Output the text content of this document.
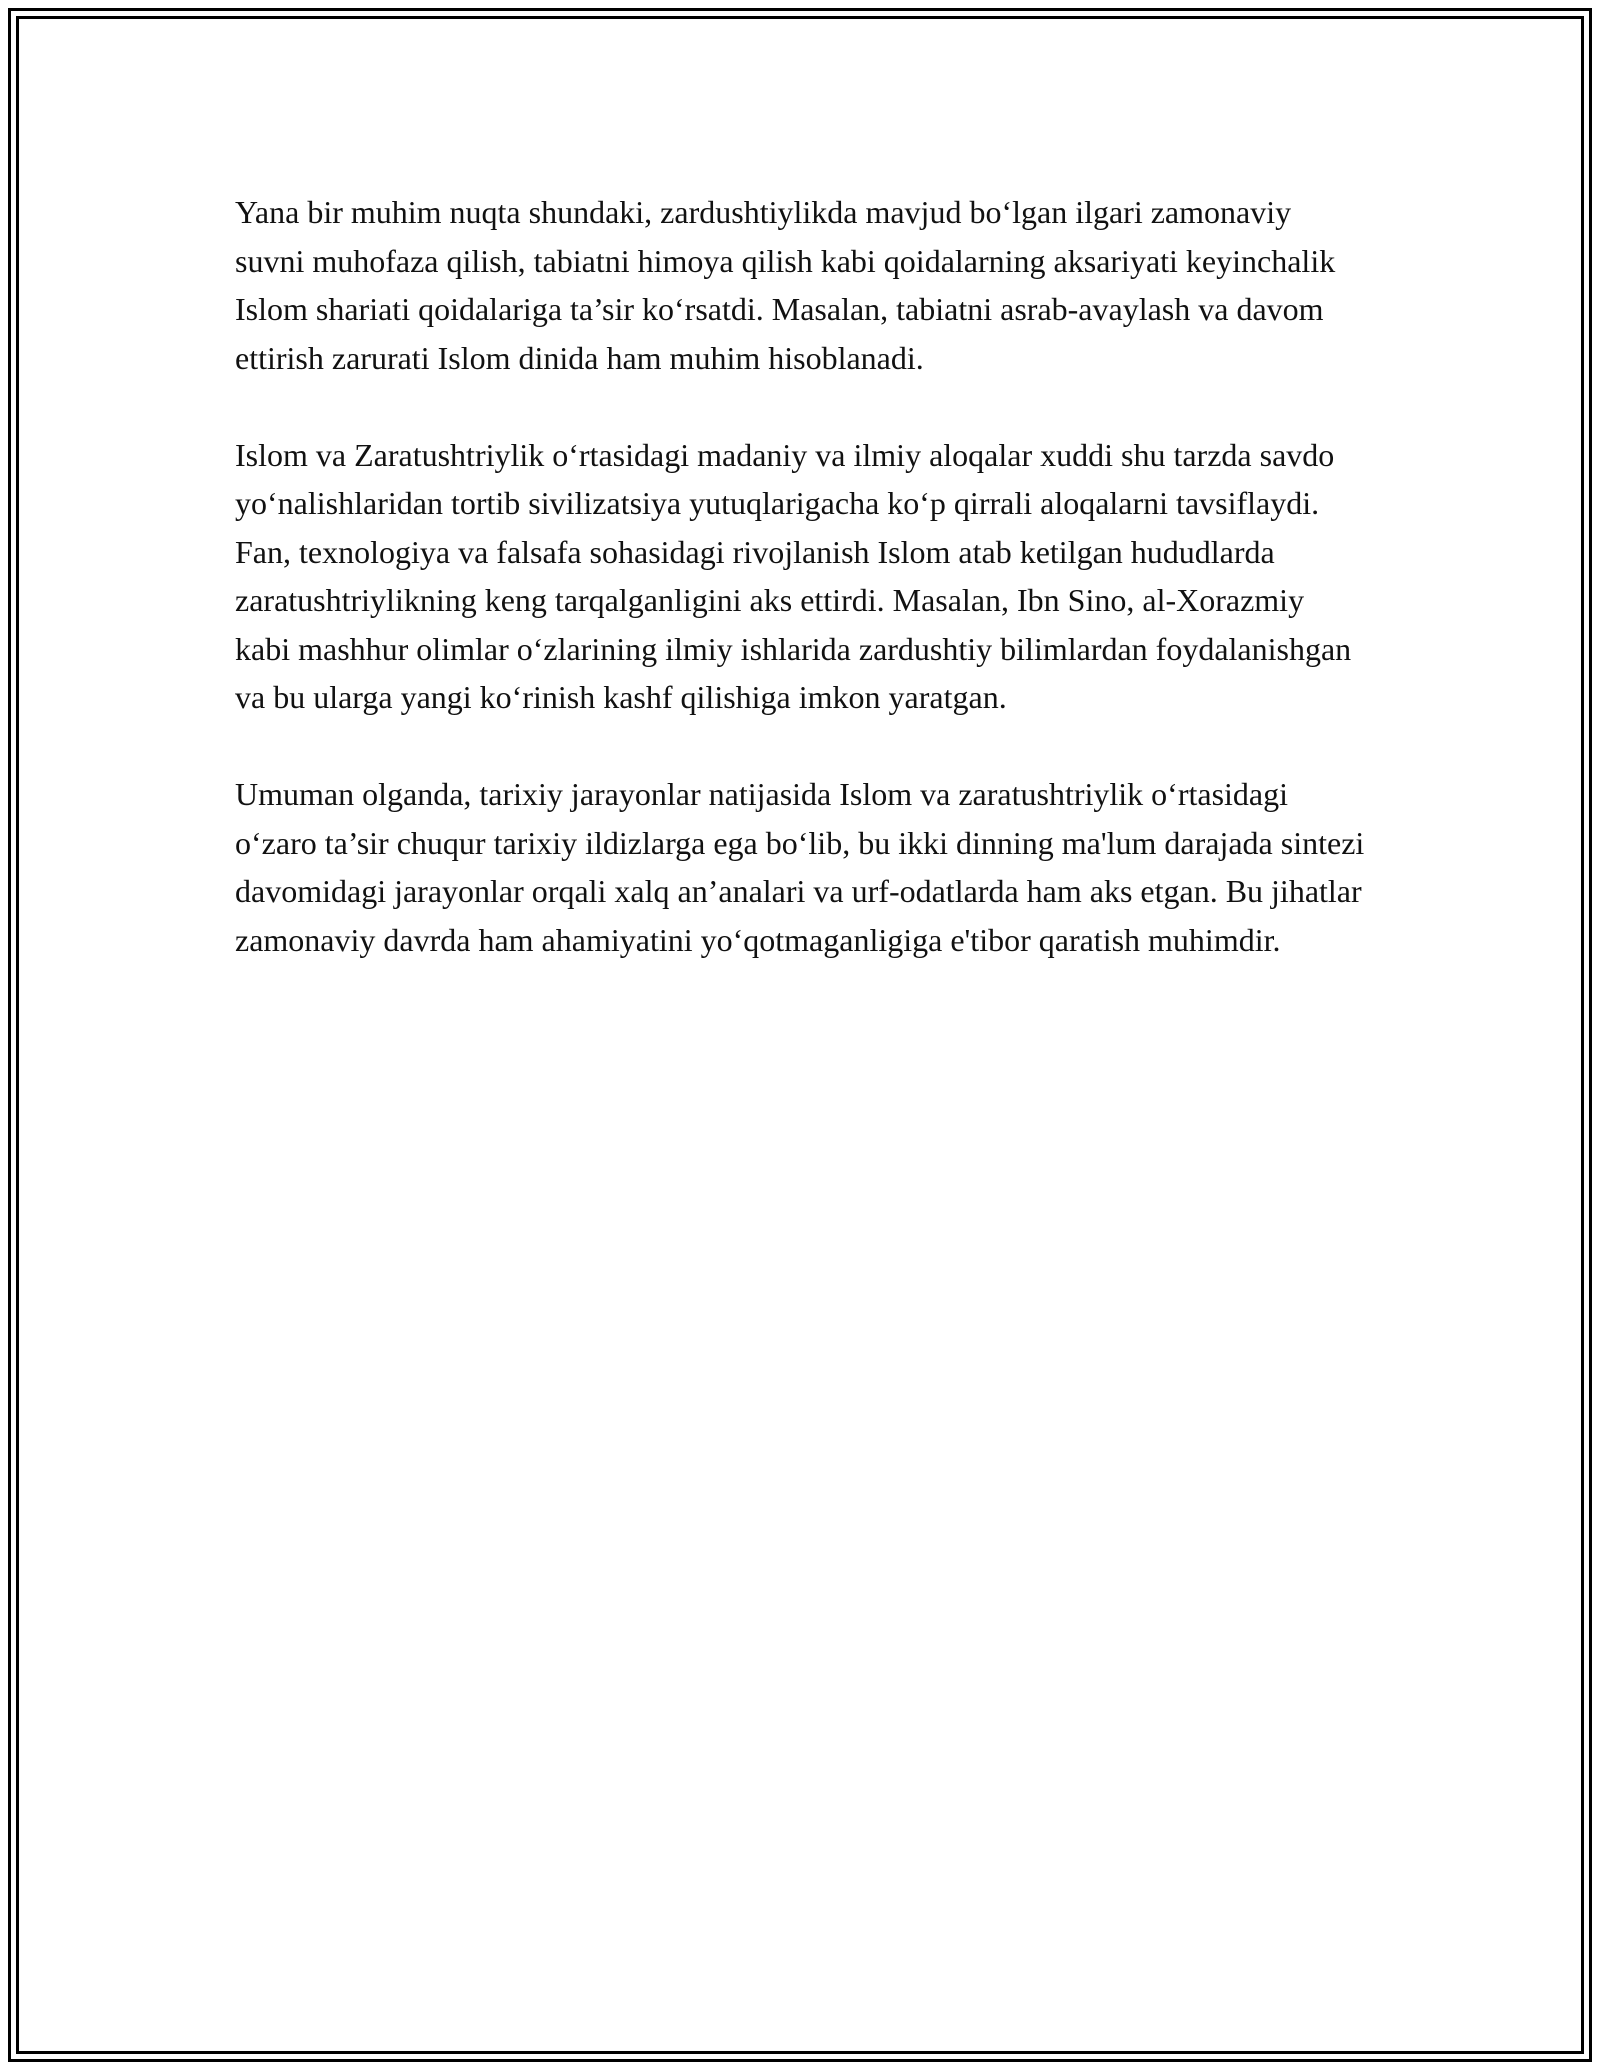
Yana bir muhim nuqta shundaki, zardushtiylikda mavjud bo‘lgan ilgari zamonaviy suvni muhofaza qilish, tabiatni himoya qilish kabi qoidalarning aksariyati keyinchalik Islom shariati qoidalariga ta’sir ko‘rsatdi. Masalan, tabiatni asrab-avaylash va davom ettirish zarurati Islom dinida ham muhim hisoblanadi.

Islom va Zaratushtriylik o‘rtasidagi madaniy va ilmiy aloqalar xuddi shu tarzda savdo yo‘nalishlaridan tortib sivilizatsiya yutuqlarigacha ko‘p qirrali aloqalarni tavsiflaydi. Fan, texnologiya va falsafa sohasidagi rivojlanish Islom atab ketilgan hududlarda zaratushtriylikning keng tarqalganligini aks ettirdi. Masalan, Ibn Sino, al-Xorazmiy kabi mashhur olimlar o‘zlarining ilmiy ishlarida zardushtiy bilimlardan foydalanishgan va bu ularga yangi ko‘rinish kashf qilishiga imkon yaratgan.

Umuman olganda, tarixiy jarayonlar natijasida Islom va zaratushtriylik o‘rtasidagi o‘zaro ta’sir chuqur tarixiy ildizlarga ega bo‘lib, bu ikki dinning ma'lum darajada sintezi davomidagi jarayonlar orqali xalq an’analari va urf-odatlarda ham aks etgan. Bu jihatlar zamonaviy davrda ham ahamiyatini yo‘qotmaganligiga e'tibor qaratish muhimdir.
